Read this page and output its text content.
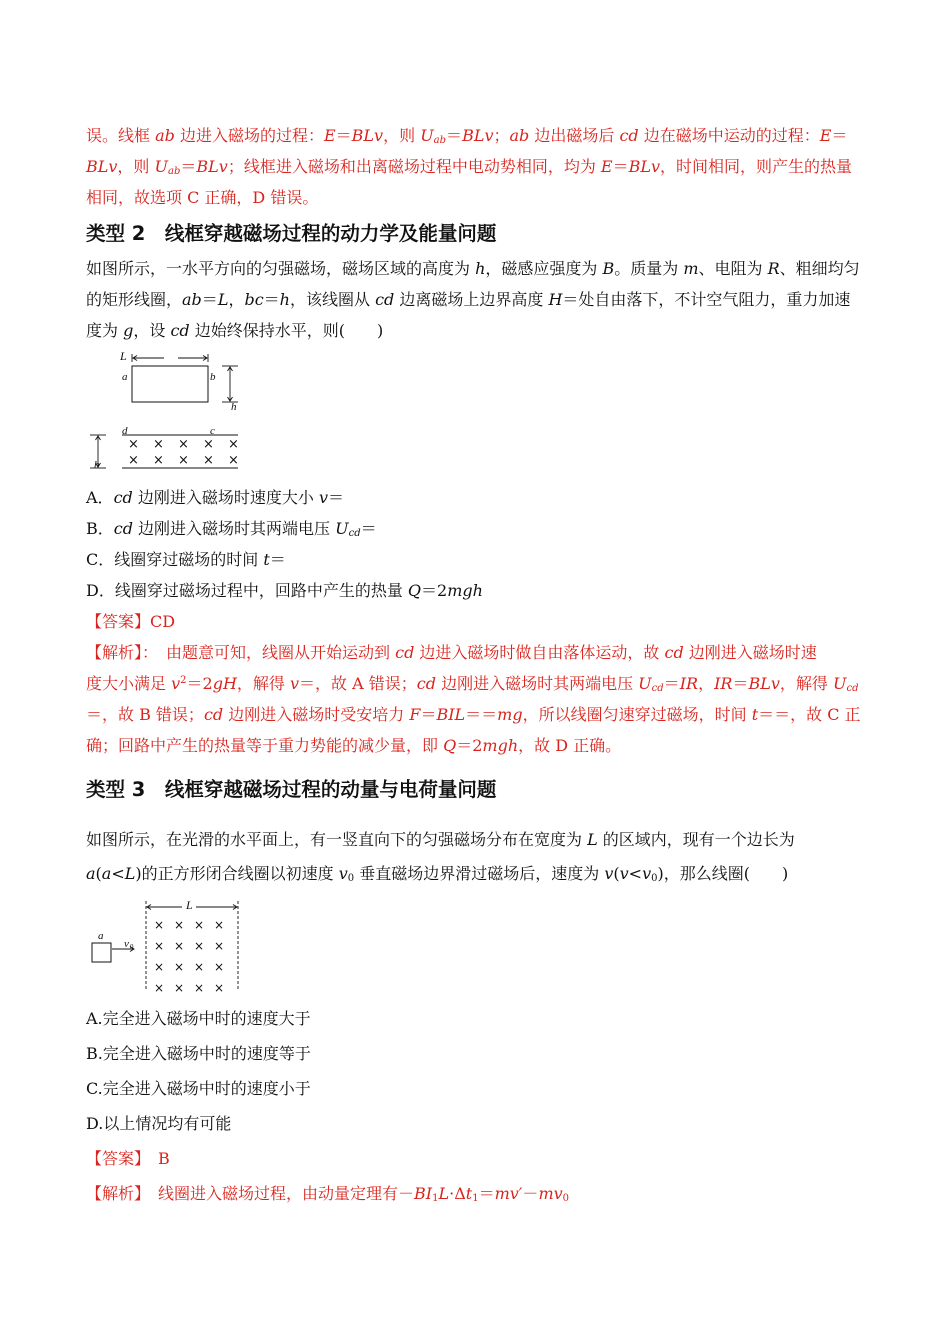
误。线框 ab 边进入磁场的过程：E＝BLv，则 $U_{ab}=BLv$；ab 边出磁场后 cd 边在磁场中运动的过程：E＝

BLv，则 $U_{ab}=BLv$；线框进入磁场和出离磁场过程中电动势相同，均为 E＝BLv，时间相同，则产生的热量

相同，故选项 C 正确，D 错误。

类型 2　线框穿越磁场过程的动力学及能量问题

如图所示，一水平方向的匀强磁场，磁场区域的高度为 h，磁感应强度为 B。质量为 m、电阻为 R、粗细均匀的矩形线圈，ab＝L，bc＝h，该线圈从 cd 边离磁场上边界高度 H＝处自由落下，不计空气阻力，重力加速度为 g，设 cd 边始终保持水平，则(　　)

L
a	b
d	c
h
h
× × × × ×
× × × × ×

A．cd 边刚进入磁场时速度大小 v＝

B．cd 边刚进入磁场时其两端电压 $U_{cd}=$

C．线圈穿过磁场的时间 t＝

D．线圈穿过磁场过程中，回路中产生的热量 Q＝2mgh

【答案】CD

【解析】：　由题意可知，线圈从开始运动到 cd 边进入磁场时做自由落体运动，故 cd 边刚进入磁场时速
度大小满足 $v^2=2gH$，解得 v＝，故 A 错误；cd 边刚进入磁场时其两端电压 $U_{cd}=IR$，IR＝BLv，解得 $U_{cd}$
＝，故 B 错误；cd 边刚进入磁场时受安培力 F＝BIL＝＝mg，所以线圈匀速穿过磁场，时间 t＝＝，故 C 正
确；回路中产生的热量等于重力势能的减少量，即 Q＝2mgh，故 D 正确。

类型 3　线框穿越磁场过程的动量与电荷量问题

如图所示，在光滑的水平面上，有一竖直向下的匀强磁场分布在宽度为 L 的区域内，现有一个边长为
a(a<L)的正方形闭合线圈以初速度 $v_0$ 垂直磁场边界滑过磁场后，速度为 $v(v<v_0)$，那么线圈(　　)

L
a
v 0
× × × ×
× × × ×
× × × ×
× × × ×

A.完全进入磁场中时的速度大于

B.完全进入磁场中时的速度等于

C.完全进入磁场中时的速度小于

D.以上情况均有可能

【答案】　 B

【解析】　线圈进入磁场过程，由动量定理有$-BI_1L\cdot\Delta t_1=mv'-mv_0$
